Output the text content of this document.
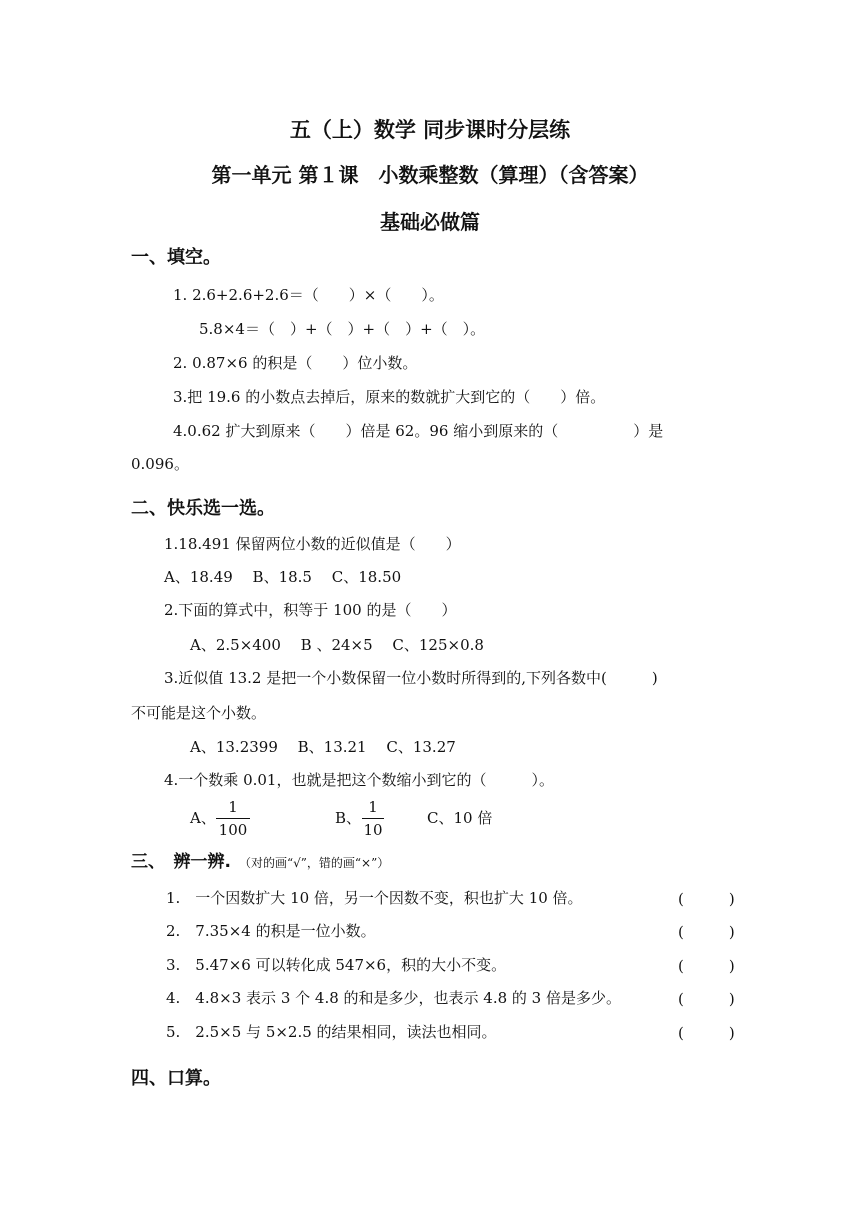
五（上）数学 同步课时分层练
第一单元 第１课　小数乘整数（算理）（含答案）
基础必做篇
一、填空。
1. 2.6+2.6+2.6＝（　　）×（　　）。
5.8×4＝（　）+（　）+（　）+（　）。
2. 0.87×6 的积是（　　）位小数。
3.把 19.6 的小数点去掉后，原来的数就扩大到它的（　　）倍。
4.0.62 扩大到原来（　　）倍是 62。96 缩小到原来的（　　　　　）是
0.096。
二、快乐选一选。
1.18.491 保留两位小数的近似值是（　　）
A、18.49　 B、18.5　 C、18.50
2.下面的算式中，积等于 100 的是（　　）
A、2.5×400　 B 、24×5　 C、125×0.8
3.近似值 13.2 是把一个小数保留一位小数时所得到的,下列各数中(　　　)
不可能是这个小数。
A、13.2399　 B、13.21　 C、13.27
4.一个数乘 0.01，也就是把这个数缩小到它的（　　　）。
A、
1
100
B、
1
10
C、10 倍
三、　辨一辨. （对的画“√”，错的画“×”）
1.　一个因数扩大 10 倍，另一个因数不变，积也扩大 10 倍。	(　　　)
2.　7.35×4 的积是一位小数。	(　　　)
3.　5.47×6 可以转化成 547×6，积的大小不变。	(　　　)
4.　4.8×3 表示 3 个 4.8 的和是多少，也表示 4.8 的 3 倍是多少。	(　　　)
5.　2.5×5 与 5×2.5 的结果相同，读法也相同。	(　　　)
四、口算。
